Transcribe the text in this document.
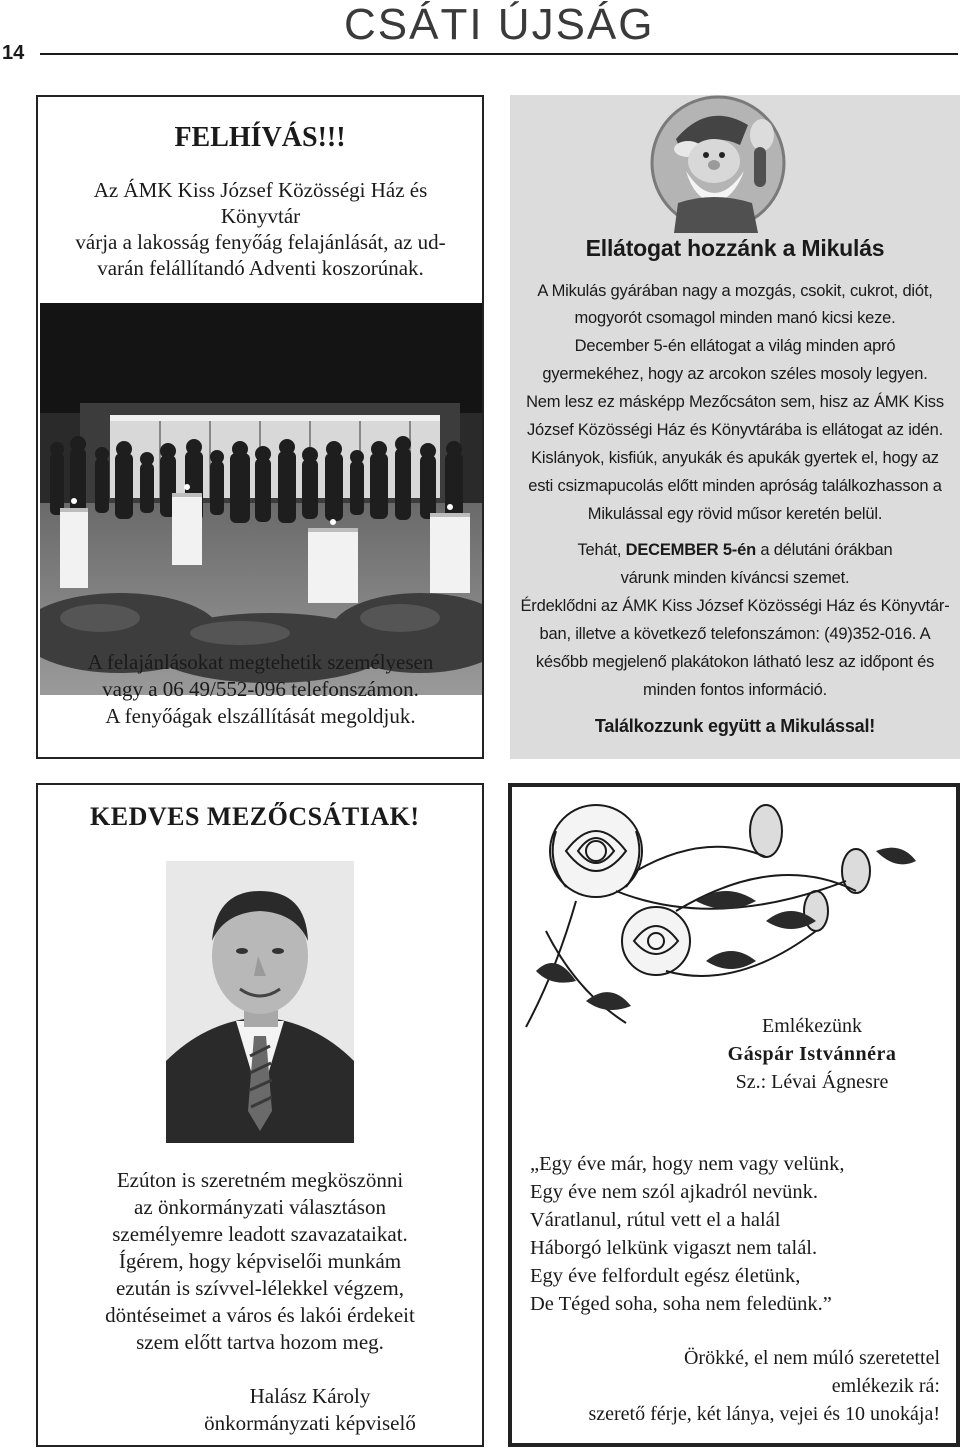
14
CSÁTI ÚJSÁG
FELHÍVÁS!!!
Az ÁMK Kiss József Közösségi Ház és
Könyvtár
várja a lakosság fenyőág felajánlását, az ud-
varán felállítandó Adventi koszorúnak.
A felajánlásokat megtehetik személyesen
vagy a 06 49/552-096 telefonszámon.
A fenyőágak elszállítását megoldjuk.
Ellátogat hozzánk a Mikulás
A Mikulás gyárában nagy a mozgás, csokit, cukrot, diót,
mogyorót csomagol minden manó kicsi keze.
December 5-én ellátogat a világ minden apró
gyermekéhez, hogy az arcokon széles mosoly legyen.
Nem lesz ez másképp Mezőcsáton sem, hisz az ÁMK Kiss
József Közösségi Ház és Könyvtárába is ellátogat az idén.
Kislányok, kisfiúk, anyukák és apukák gyertek el, hogy az
esti csizmapucolás előtt minden apróság találkozhasson a
Mikulással egy rövid műsor keretén belül.
Tehát, DECEMBER 5-én a délutáni órákban
várunk minden kíváncsi szemet.
Érdeklődni az ÁMK Kiss József Közösségi Ház és Könyvtár-
ban, illetve a következő telefonszámon: (49)352-016. A
később megjelenő plakátokon látható lesz az időpont és
minden fontos információ.
Találkozzunk együtt a Mikulással!
KEDVES MEZŐCSÁTIAK!
Ezúton is szeretném megköszönni
az önkormányzati választáson
személyemre leadott szavazataikat.
Ígérem, hogy képviselői munkám
ezután is szívvel-lélekkel végzem,
döntéseimet a város és lakói érdekeit
szem előtt tartva hozom meg.
Halász Károly
önkormányzati képviselő
Emlékezünk
Gáspár Istvánnéra
Sz.: Lévai Ágnesre
„Egy éve már, hogy nem vagy velünk,
Egy éve nem szól ajkadról nevünk.
Váratlanul, rútul vett el a halál
Háborgó lelkünk vigaszt nem talál.
Egy éve felfordult egész életünk,
De Téged soha, soha nem feledünk.”
Örökké, el nem múló szeretettel
emlékezik rá:
szerető férje, két lánya, vejei és 10 unokája!
